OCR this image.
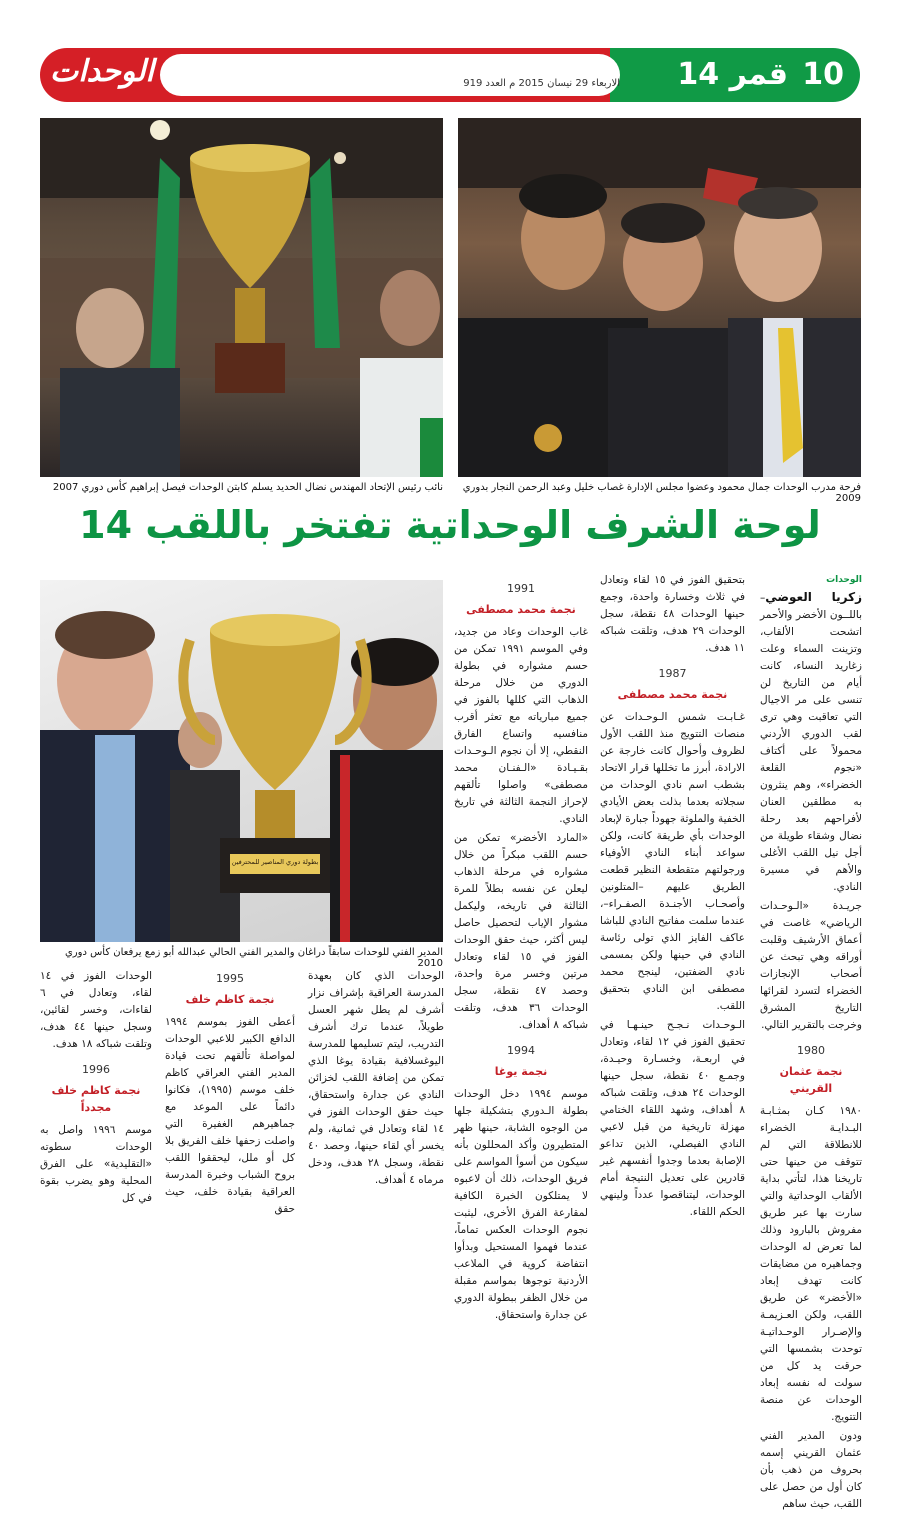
الوحدات	الاربعاء 29 نيسان 2015 م العدد 919 قمر 14 10
نائب رئيس الإتحاد المهندس نضال الحديد يسلم كابتن الوحدات فيصل إبراهيم كأس دوري 2007	فرحة مدرب الوحدات جمال محمود وعضوا مجلس الإدارة غصاب خليل وعبد الرحمن النجار بدوري 2009
لوحة الشرف الوحداتية تفتخر باللقب 14
بطولة دوري المناصير للمحترفين
المدير الفني للوحدات سابقاً دراغان والمدير الفني الحالي عبدالله أبو زمع يرفعان كأس دوري 2010
الوحدات

زكريا العوضي–باللــون الأخضر والأحمر اتشحت الألقاب، وتزينت السماء وعلت زغاريد النساء، كانت أيام من التاريخ لن تنسى على مر الاجيال التي تعاقبت وهي ترى لقب الدوري الأردني محمولاً على أكتاف «نجوم القلعة الخضراء»، وهم ينثرون به مطلقين العنان لأفراحهم بعد رحلة نضال وشقاء طويلة من أجل نيل اللقب الأغلى والأهم في مسيرة النادي.

جريـدة «الـوحـدات الرياضي» غاصت في أعماق الأرشيف وقلبت أوراقه وهي تبحث عن أصحاب الإنجازات الخضراء لتسرد لقرائها التاريخ المشرق وخرجت بالتقرير التالي.

1980
نجمة عثمان القريني

١٩٨٠ كـان بمثـابـة البـدايـة الخضراء للانطلاقة التي لم تتوقف من حينها حتى تاريخنا هذا، لتأتي بداية الألقاب الوحداتية والتي سارت بها عبر طريق مفروش بالبارود وذلك لما تعرض له الوحدات وجماهيره من مضايقات كانت تهدف إبعاد «الأخضر» عن طريق اللقب، ولكن العـزيمـة والإصـرار الوحـداتيـة توحدت بشمسها التي حرقت يد كل من سولت له نفسه إبعاد الوحدات عن منصة التتويج.

ودون المدير الفني عثمان القريني إسمه بحروف من ذهب بأن كان أول من حصل على اللقب، حيث ساهم

بتحقيق الفوز في ١٥ لقاء وتعادل في ثلاث وخسارة واحدة، وجمع حينها الوحدات ٤٨ نقطة، سجل الوحدات ٢٩ هدف، وتلقت شباكه ١١ هدف.

1987
نجمة محمد مصطفى

غـابـت شمس الـوحـدات عن منصات التتويج منذ اللقب الأول لظروف وأحوال كانت خارجة عن الارادة، أبرز ما تخللها قرار الاتحاد بشطب اسم نادي الوحدات من سجلاته بعدما بذلت بعض الأيادي الخفية والملوثة جهوداً جبارة لإبعاد الوحدات بأي طريقة كانت، ولكن سواعد أبناء النادي الأوفياء ورجولتهم متقطعة النظير قطعت الطريق عليهم –المتلونين وأصحـاب الأجنـدة الصفـراء–، عندما سلمت مفاتيح النادي للباشا عاكف الفايز الذي تولى رئاسة النادي في حينها ولكن بمسمى نادي الضفتين، لينجح محمد مصطفى ابن النادي بتحقيق اللقب.

الـوحـدات نـجـح حينـهـا في تحقيق الفوز في ١٢ لقاء، وتعادل في اربعـة، وخسـارة وحيـدة، وجمـع ٤٠ نقطة، سجل حينها الوحدات ٢٤ هدف، وتلقت شباكه ٨ أهداف، وشهد اللقاء الختامي مهزلة تاريخية من قبل لاعبي النادي الفيصلي، الذين تداعو الإصابة بعدما وجدوا أنفسهم غير قادرين على تعديل النتيجة أمام الوحدات، ليتناقصوا عدداً ولينهي الحكم اللقاء.

1991
نجمة محمد مصطفى

غاب الوحدات وعاد من جديد، وفي الموسم ١٩٩١ تمكن من حسم مشواره في بطولة الدوري من خلال مرحلة الذهاب التي كللها بالفوز في جميع مبارياته مع تعثر أقرب منافسيه واتساع الفارق النقطي، إلا أن نجوم الـوحـدات بقـيـادة «الـفنـان محمد مصطفى» واصلوا تألقهم لإحراز النجمة الثالثة في تاريخ النادي.

«المارد الأخضر» تمكن من حسم اللقب مبكراً من خلال مشواره في مرحلة الذهاب ليعلن عن نفسه بطلاً للمرة الثالثة في تاريخه، وليكمل مشوار الإياب لتحصيل حاصل ليس أكثر، حيث حقق الوحدات الفوز في ١٥ لقاء وتعادل مرتين وخسر مرة واحدة، وحصد ٤٧ نقطة، سجل الوحدات ٣٦ هدف، وتلقت شباكه ٨ أهداف.

1994
نجمة يوغا

موسم ١٩٩٤ دخل الوحدات بطولة الـدوري بتشكيلة جلها من الوجوه الشابة، حينها ظهر المتطيرون وأكد المحللون بأنه سيكون من أسوأ المواسم على فريق الوحدات، ذلك أن لاعبوه لا يمتلكون الخبرة الكافية لمقارعة الفرق الأخرى، ليثبت نجوم الوحدات العكس تماماً، عندما فهموا المستحيل وبدأوا انتفاضة كروية في الملاعب الأردنية توجوها بمواسم مقبلة من خلال الظفر ببطولة الدوري عن جدارة واستحقاق.

الوحدات الذي كان بعهدة المدرسة العراقية بإشراف نزار أشرف لم يطل شهر العسل طويلاً، عندما ترك أشرف التدريب، ليتم تسليمها للمدرسة اليوغسلافية بقيادة يوغا الذي تمكن من إضافة اللقب لخزائن النادي عن جدارة واستحقاق، حيث حقق الوحدات الفوز في ١٤ لقاء وتعادل في ثمانية، ولم يخسر أي لقاء حينها، وحصد ٤٠ نقطة، وسجل ٢٨ هدف، ودخل مرماه ٤ أهداف.

1995
نجمة كاظم خلف

أعطى الفوز بموسم ١٩٩٤ الدافع الكبير للاعبي الوحدات لمواصلة تألقهم تحت قيادة المدير الفني العراقي كاظم خلف موسم (١٩٩٥)، فكانوا دائماً على الموعد مع جماهيرهم الغفيرة التي واصلت زحفها خلف الفريق بلا كل أو ملل، ليحققوا اللقب بروح الشباب وخبرة المدرسة العراقية بقيادة خلف، حيث حقق

الوحدات الفوز في ١٤ لقاء، وتعادل في ٦ لقاءات، وخسر لقائين، وسجل حينها ٤٤ هدف، وتلقت شباكه ١٨ هدف.

1996
نجمة كاظم خلف مجدداً

موسم ١٩٩٦ واصل به الوحدات سطوته «التقليدية» على الفرق المحلية وهو يضرب بقوة في كل
